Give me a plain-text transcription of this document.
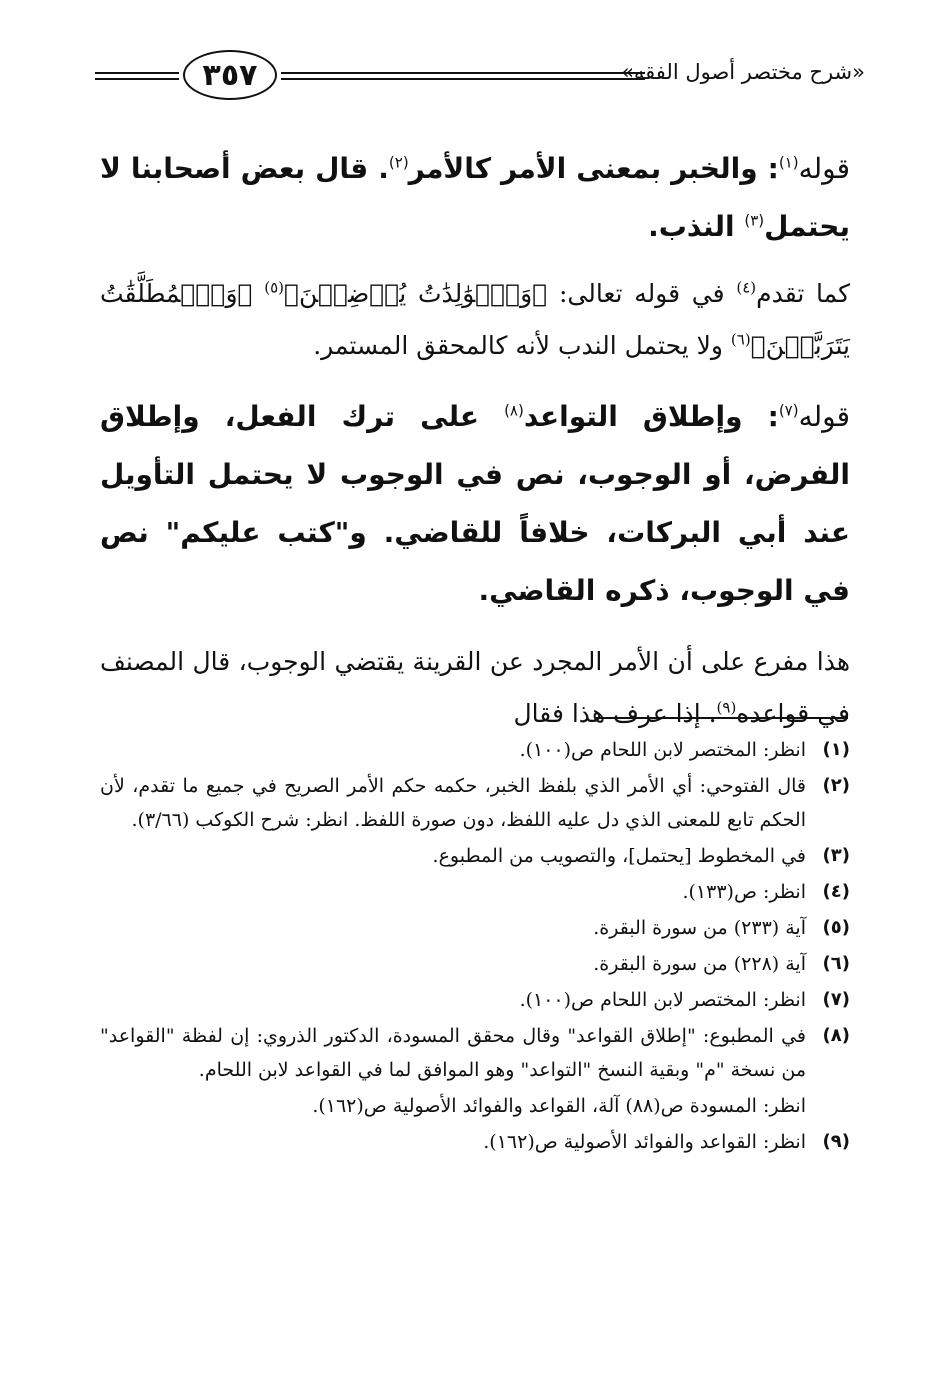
٣٥٧	«شرح مختصر أصول الفقه»

قوله$^{(١)}$: والخبر بمعنى الأمر كالأمر$^{(٢)}$. قال بعض أصحابنا لا يحتمل$^{(٣)}$ النذب.

كما تقدم$^{(٤)}$ في قوله تعالى: ﴿وَٱلۡوَٰلِدَٰتُ يُرۡضِعۡنَ﴾$^{(٥)}$ ﴿وَٱلۡمُطَلَّقَٰتُ يَتَرَبَّصۡنَ﴾$^{(٦)}$ ولا يحتمل الندب لأنه كالمحقق المستمر.

قوله$^{(٧)}$: وإطلاق التواعد$^{(٨)}$ على ترك الفعل، وإطلاق الفرض، أو الوجوب، نص في الوجوب لا يحتمل التأويل عند أبي البركات، خلافاً للقاضي. و"كتب عليكم" نص في الوجوب، ذكره القاضي.

هذا مفرع على أن الأمر المجرد عن القرينة يقتضي الوجوب، قال المصنف في قواعده$^{(٩)}$. إذا عرف هذا فقال

(١)
انظر: المختصر لابن اللحام ص(١٠٠).
(٢)
قال الفتوحي: أي الأمر الذي بلفظ الخبر، حكمه حكم الأمر الصريح في جميع ما تقدم، لأن الحكم تابع للمعنى الذي دل عليه اللفظ، دون صورة اللفظ. انظر: شرح الكوكب (٣/٦٦).
(٣)
في المخطوط [يحتمل]، والتصويب من المطبوع.
(٤)
انظر: ص(١٣٣).
(٥)
آية (٢٣٣) من سورة البقرة.
(٦)
آية (٢٢٨) من سورة البقرة.
(٧)
انظر: المختصر لابن اللحام ص(١٠٠).
(٨)
في المطبوع: "إطلاق القواعد" وقال محقق المسودة، الدكتور الذروي: إن لفظة "القواعد" من نسخة "م" وبقية النسخ "التواعد" وهو الموافق لما في القواعد لابن اللحام.
انظر: المسودة ص(٨٨) آلة، القواعد والفوائد الأصولية ص(١٦٢).
(٩)
انظر: القواعد والفوائد الأصولية ص(١٦٢).
